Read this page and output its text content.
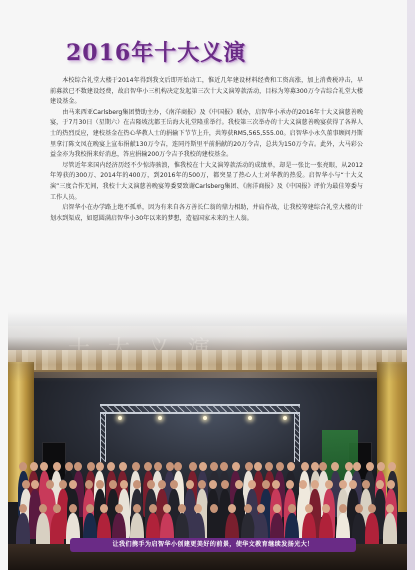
2016年十大义演

本校综合礼堂大楼于2014年得到我文后即开始动工，惟近几年建设材料经费和工资高涨，加上消费税冲击，早前募款已不数建设经费，故启智华小三机构决定发起第三次十大义演筹款活动，目标为筹募300万令吉综合礼堂大楼建设基金。

由马来西亚Carlsberg集团赞助主办，《南洋商报》及《中国报》联办，启智华小承办的2016年十大义演慈善晚宴，于7月30日（星期六）在吉隆坡沈都王岳海大礼堂隆重举行。我校第三次举办的十大义演慈善晚宴获得了各界人士的热烈反应，建校基金在热心华教人士的捐输下节节上升，共筹获RM5,565,555.00。启智华小永久董事顾问丹斯里拿汀陈文凤在晚宴上宣布捐献130万令吉，连同丹斯里平前捐献的20万令吉，总共为150万令吉。此外，大马彩公益金亦为我校捐来好消息，答应捐输200万令吉予我校的建校基金。

尽管近年来国内经济历经不少惊涛骇浪，惟我校在十大义演筹款活动的成绩单，却是一张比一张亮眼，从2012年筹获的300万、2014年的400万，到2016年的500万，都突显了热心人士对华教的热爱。启智华小与“十大义演”三度合作无间，我校十大义演慈善晚宴筹委要致谢Carlsberg集团、《南洋商报》及《中国报》评价为最佳筹委与工作人员。

启智华小在办学路上绝不孤单，因为有来自各方善长仁翁的鼎力相助，并肩作战，让我校筹建综合礼堂大楼的计划水到渠成，如愿圆满启智华小30年以来的梦想，造福国家未来的主人翁。

让我们携手为启智华小创建更美好的前景，使华文教育继续发扬光大！
